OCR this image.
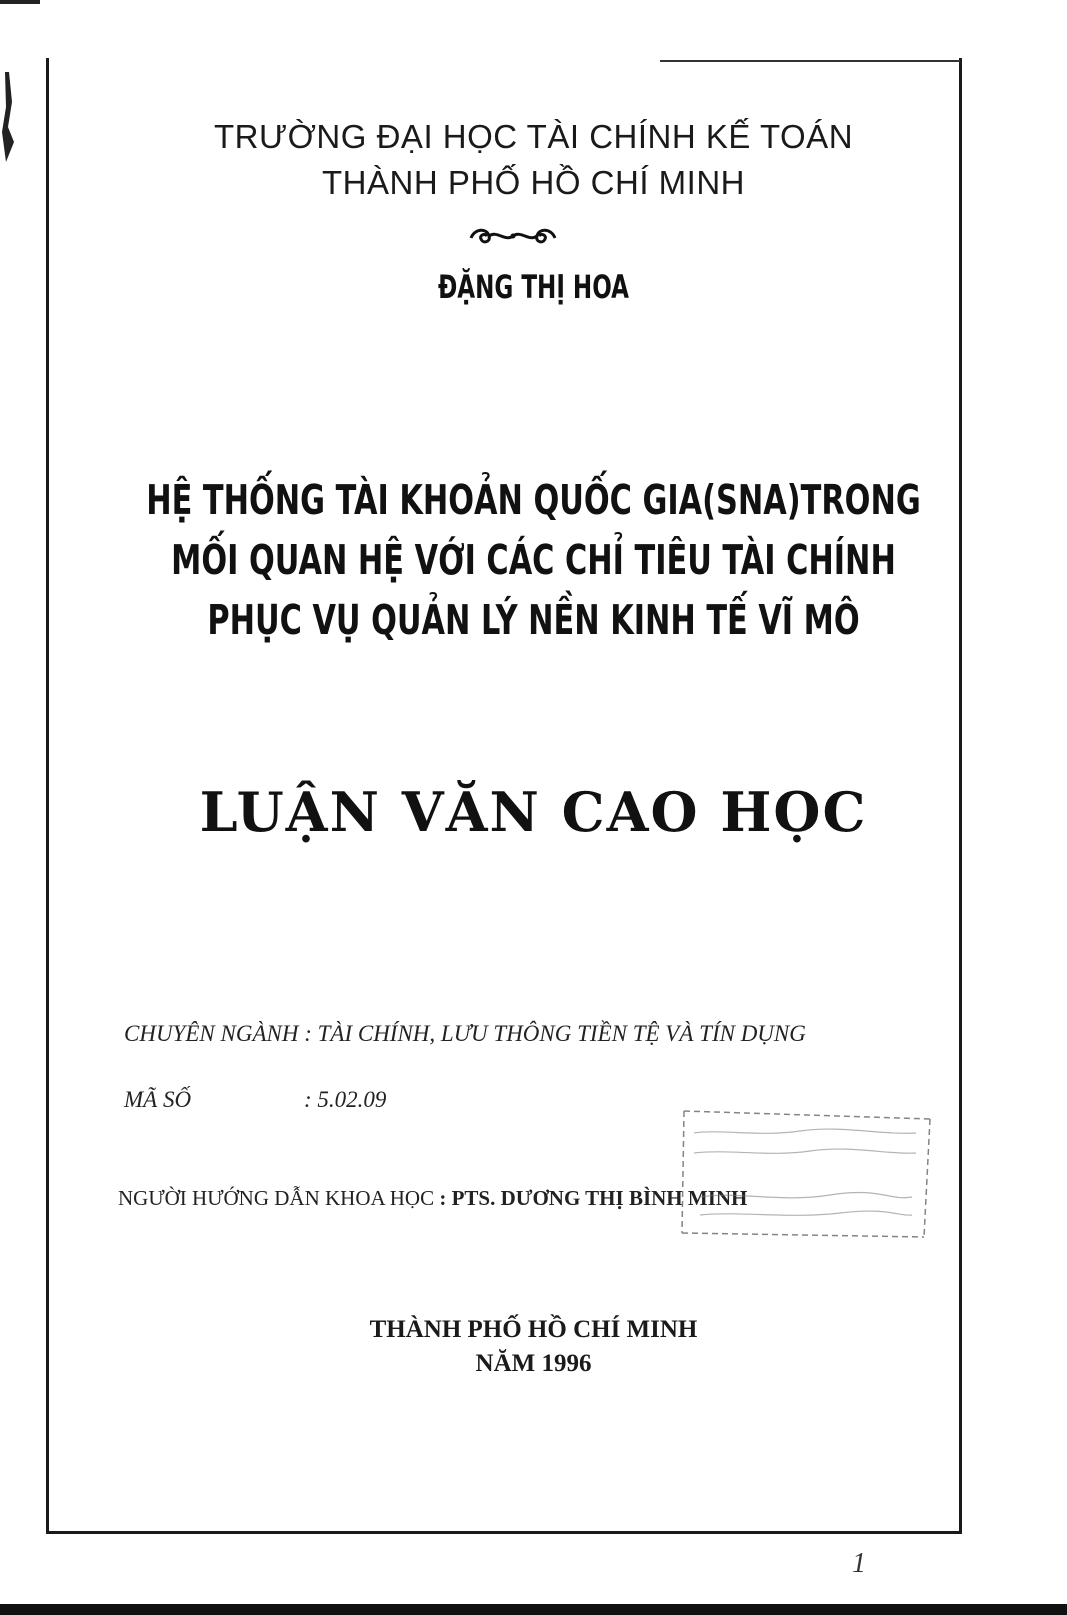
TRƯỜNG ĐẠI HỌC TÀI CHÍNH KẾ TOÁN
THÀNH PHỐ HỒ CHÍ MINH
ĐẶNG THỊ HOA
HỆ THỐNG TÀI KHOẢN QUỐC GIA(SNA)TRONG
MỐI QUAN HỆ VỚI CÁC CHỈ TIÊU TÀI CHÍNH
PHỤC VỤ QUẢN LÝ NỀN KINH TẾ VĨ MÔ
LUẬN VĂN CAO HỌC
CHUYÊN NGÀNH : TÀI CHÍNH, LƯU THÔNG TIỀN TỆ VÀ TÍN DỤNG
MÃ SỐ	: 5.02.09
NGƯỜI HƯỚNG DẪN KHOA HỌC : PTS. DƯƠNG THỊ BÌNH MINH
THÀNH PHỐ HỒ CHÍ MINH
NĂM 1996
1
